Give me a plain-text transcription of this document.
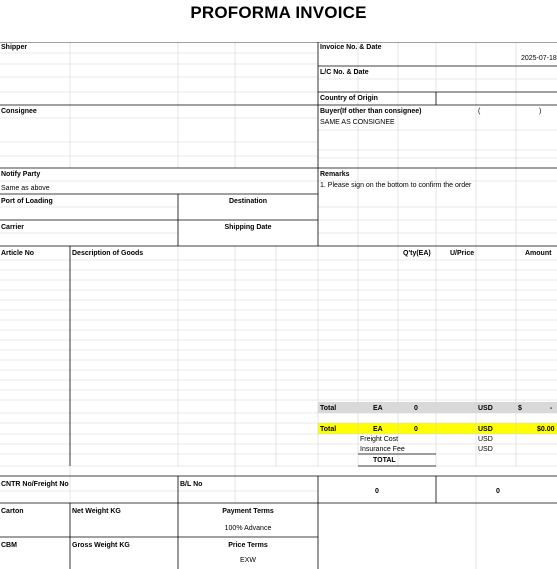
PROFORMA INVOICE
Shipper	Invoice No. & Date
2025-07-18
L/C No. & Date
Country of Origin
Consignee	Buyer(If other than consignee)	(	)
SAME AS CONSIGNEE
Notify Party
Same as above
Remarks
1. Please sign on the bottom to confirm the order
Port of Loading	Destination
Carrier	Shipping Date
Article No	Description of Goods	Q'ty(EA)	U/Price	Amount
Total	EA	0	USD	$	-
Total	EA	0	USD	$0.00
Freight Cost	USD
Insurance Fee	USD
TOTAL
CNTR No/Freight No	B/L No
0	0
Carton	Net Weight KG	Payment Terms
100% Advance
CBM	Gross Weight KG	Price Terms
EXW
